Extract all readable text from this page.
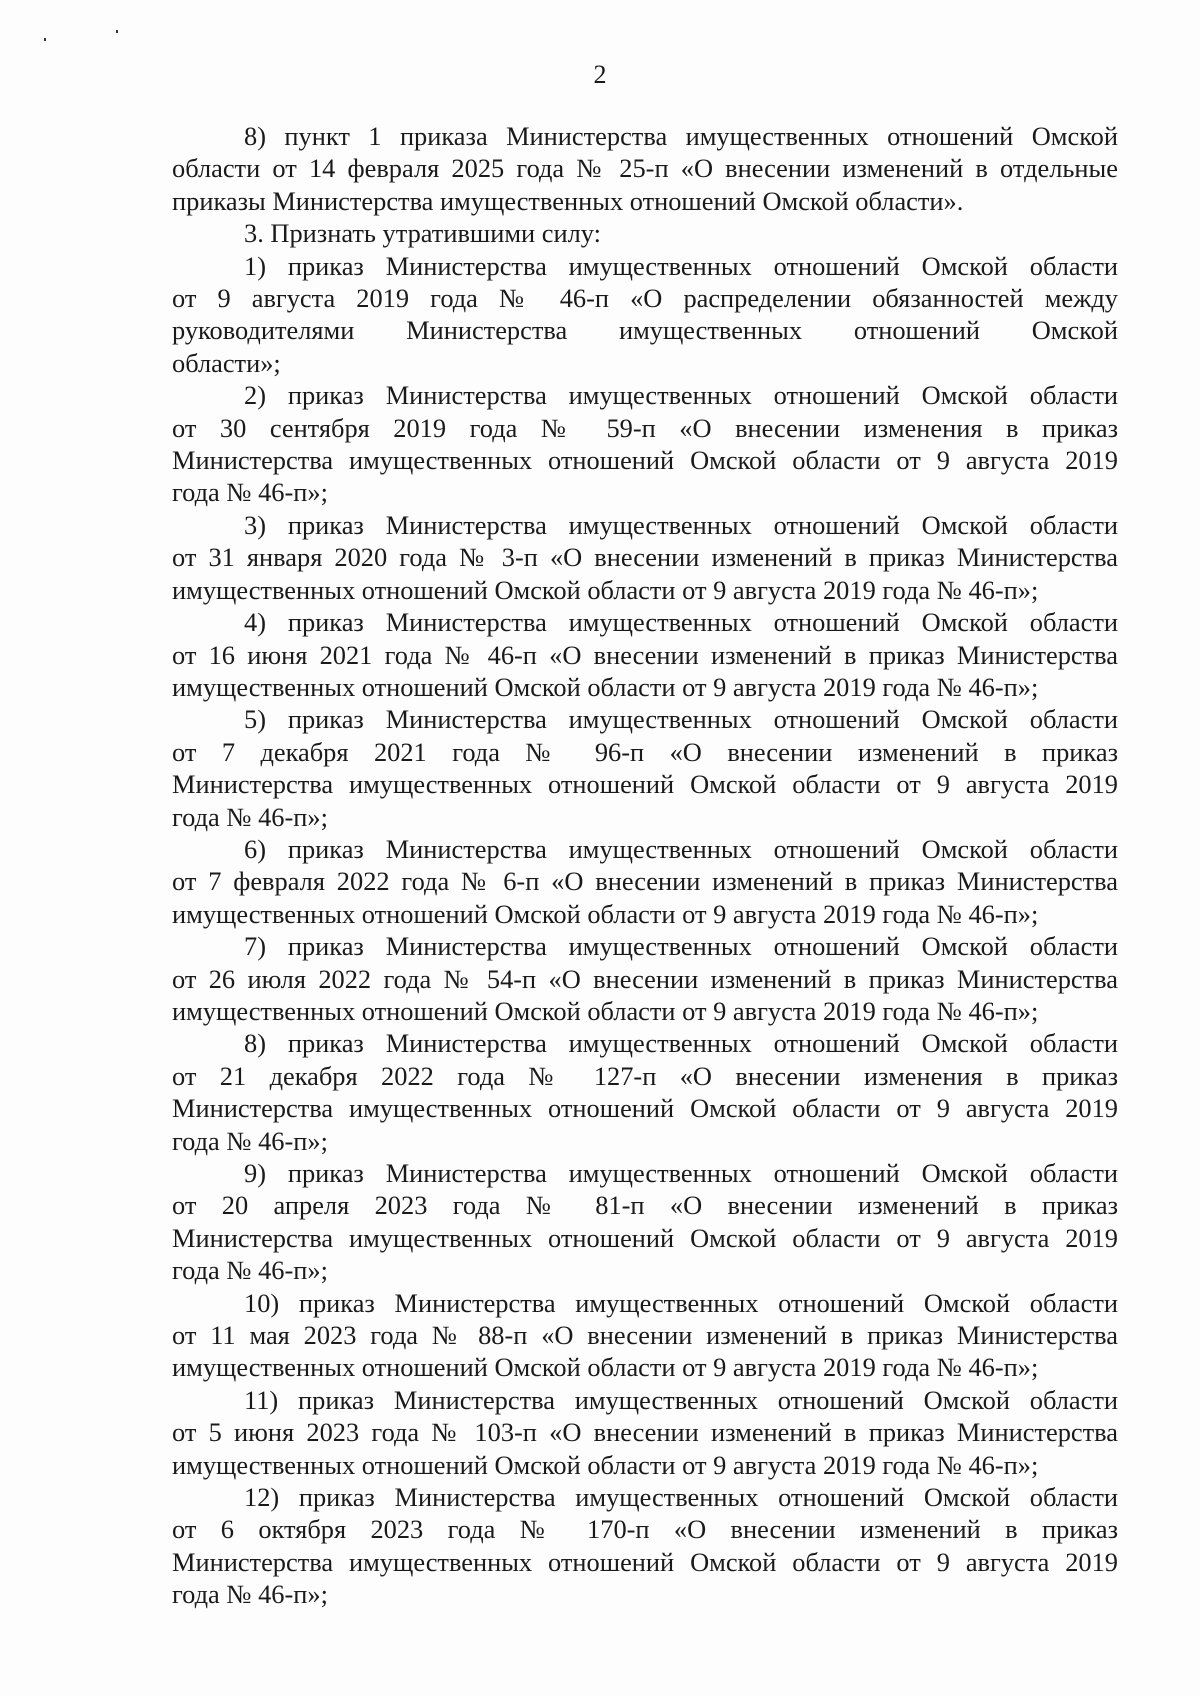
2
8) пункт 1 приказа Министерства имущественных отношений Омской
области от 14 февраля 2025 года № 25-п «О внесении изменений в отдельные
приказы Министерства имущественных отношений Омской области».
3. Признать утратившими силу:
1) приказ Министерства имущественных отношений Омской области
от 9 августа 2019 года № 46-п «О распределении обязанностей между
руководителями Министерства имущественных отношений Омской
области»;
2) приказ Министерства имущественных отношений Омской области
от 30 сентября 2019 года № 59-п «О внесении изменения в приказ
Министерства имущественных отношений Омской области от 9 августа 2019
года № 46-п»;
3) приказ Министерства имущественных отношений Омской области
от 31 января 2020 года № 3-п «О внесении изменений в приказ Министерства
имущественных отношений Омской области от 9 августа 2019 года № 46-п»;
4) приказ Министерства имущественных отношений Омской области
от 16 июня 2021 года № 46-п «О внесении изменений в приказ Министерства
имущественных отношений Омской области от 9 августа 2019 года № 46-п»;
5) приказ Министерства имущественных отношений Омской области
от 7 декабря 2021 года № 96-п «О внесении изменений в приказ
Министерства имущественных отношений Омской области от 9 августа 2019
года № 46-п»;
6) приказ Министерства имущественных отношений Омской области
от 7 февраля 2022 года № 6-п «О внесении изменений в приказ Министерства
имущественных отношений Омской области от 9 августа 2019 года № 46-п»;
7) приказ Министерства имущественных отношений Омской области
от 26 июля 2022 года № 54-п «О внесении изменений в приказ Министерства
имущественных отношений Омской области от 9 августа 2019 года № 46-п»;
8) приказ Министерства имущественных отношений Омской области
от 21 декабря 2022 года № 127-п «О внесении изменения в приказ
Министерства имущественных отношений Омской области от 9 августа 2019
года № 46-п»;
9) приказ Министерства имущественных отношений Омской области
от 20 апреля 2023 года № 81-п «О внесении изменений в приказ
Министерства имущественных отношений Омской области от 9 августа 2019
года № 46-п»;
10) приказ Министерства имущественных отношений Омской области
от 11 мая 2023 года № 88-п «О внесении изменений в приказ Министерства
имущественных отношений Омской области от 9 августа 2019 года № 46-п»;
11) приказ Министерства имущественных отношений Омской области
от 5 июня 2023 года № 103-п «О внесении изменений в приказ Министерства
имущественных отношений Омской области от 9 августа 2019 года № 46-п»;
12) приказ Министерства имущественных отношений Омской области
от 6 октября 2023 года № 170-п «О внесении изменений в приказ
Министерства имущественных отношений Омской области от 9 августа 2019
года № 46-п»;
